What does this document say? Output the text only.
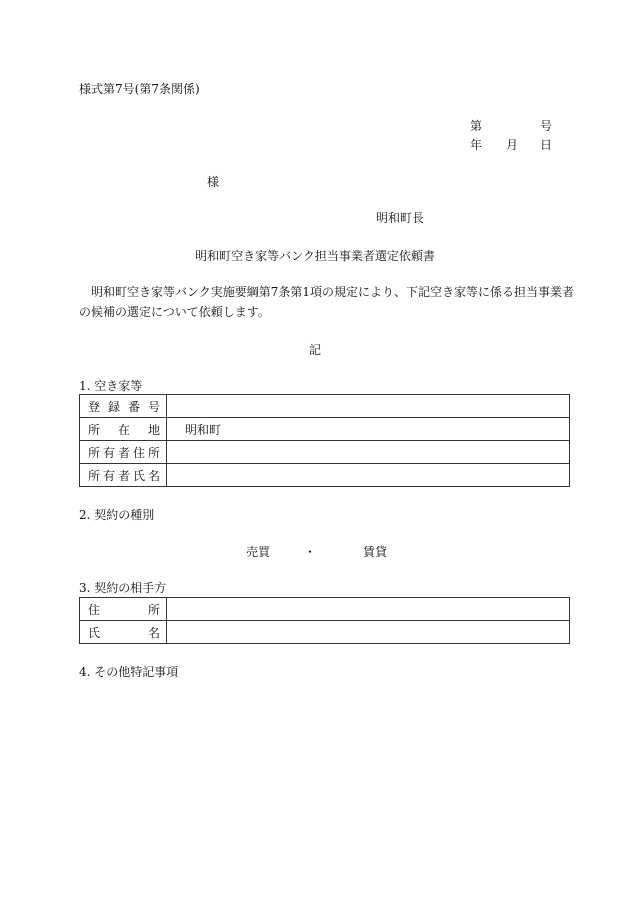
様式第7号(第7条関係)
第	号
年 月 日
様
明和町長
明和町空き家等バンク担当事業者選定依頼書
明和町空き家等バンク実施要綱第7条第1項の規定により、下記空き家等に係る担当事業者
の候補の選定について依頼します。
記
1. 空き家等
登 録 番 号	

所 在 地	明和町

所 有 者 住 所	

所 有 者 氏 名	

2. 契約の種別
売買	・	賃貸
3. 契約の相手方
住 所	

氏 名	

4. その他特記事項
